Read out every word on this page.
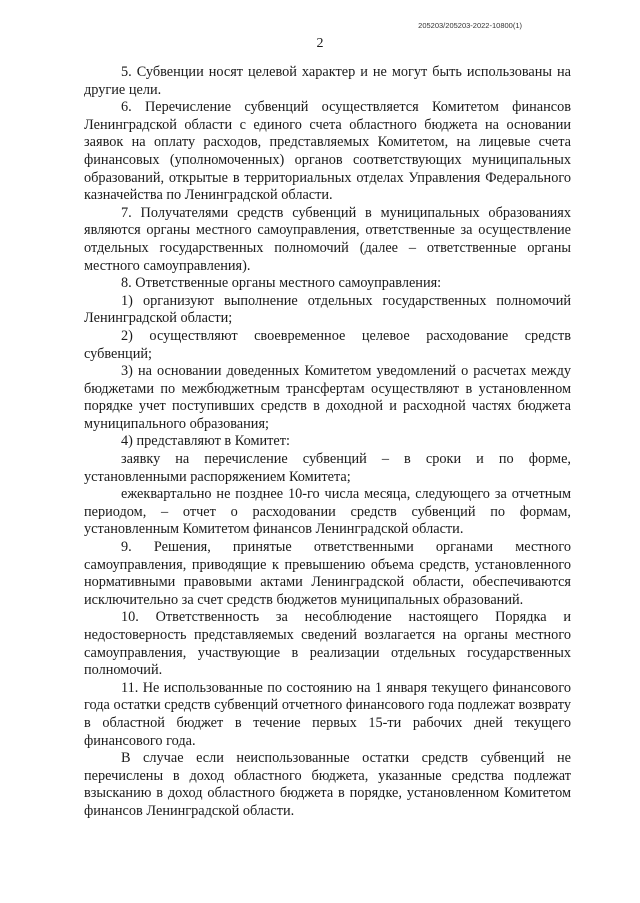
205203/205203-2022-10800(1)
2

5. Субвенции носят целевой характер и не могут быть использованы на другие цели.

6. Перечисление субвенций осуществляется Комитетом финансов Ленинградской области с единого счета областного бюджета на основании заявок на оплату расходов, представляемых Комитетом, на лицевые счета финансовых (уполномоченных) органов соответствующих муниципальных образований, открытые в территориальных отделах Управления Федерального казначейства по Ленинградской области.

7. Получателями средств субвенций в муниципальных образованиях являются органы местного самоуправления, ответственные за осуществление отдельных государственных полномочий (далее – ответственные органы местного самоуправления).

8. Ответственные органы местного самоуправления:

1) организуют выполнение отдельных государственных полномочий Ленинградской области;

2) осуществляют своевременное целевое расходование средств субвенций;

3) на основании доведенных Комитетом уведомлений о расчетах между бюджетами по межбюджетным трансфертам осуществляют в установленном порядке учет поступивших средств в доходной и расходной частях бюджета муниципального образования;

4) представляют в Комитет:

заявку на перечисление субвенций – в сроки и по форме, установленными распоряжением Комитета;

ежеквартально не позднее 10-го числа месяца, следующего за отчетным периодом, – отчет о расходовании средств субвенций по формам, установленным Комитетом финансов Ленинградской области.

9. Решения, принятые ответственными органами местного самоуправления, приводящие к превышению объема средств, установленного нормативными правовыми актами Ленинградской области, обеспечиваются исключительно за счет средств бюджетов муниципальных образований.

10. Ответственность за несоблюдение настоящего Порядка и недостоверность представляемых сведений возлагается на органы местного самоуправления, участвующие в реализации отдельных государственных полномочий.

11. Не использованные по состоянию на 1 января текущего финансового года остатки средств субвенций отчетного финансового года подлежат возврату в областной бюджет в течение первых 15-ти рабочих дней текущего финансового года.

В случае если неиспользованные остатки средств субвенций не перечислены в доход областного бюджета, указанные средства подлежат взысканию в доход областного бюджета в порядке, установленном Комитетом финансов Ленинградской области.
